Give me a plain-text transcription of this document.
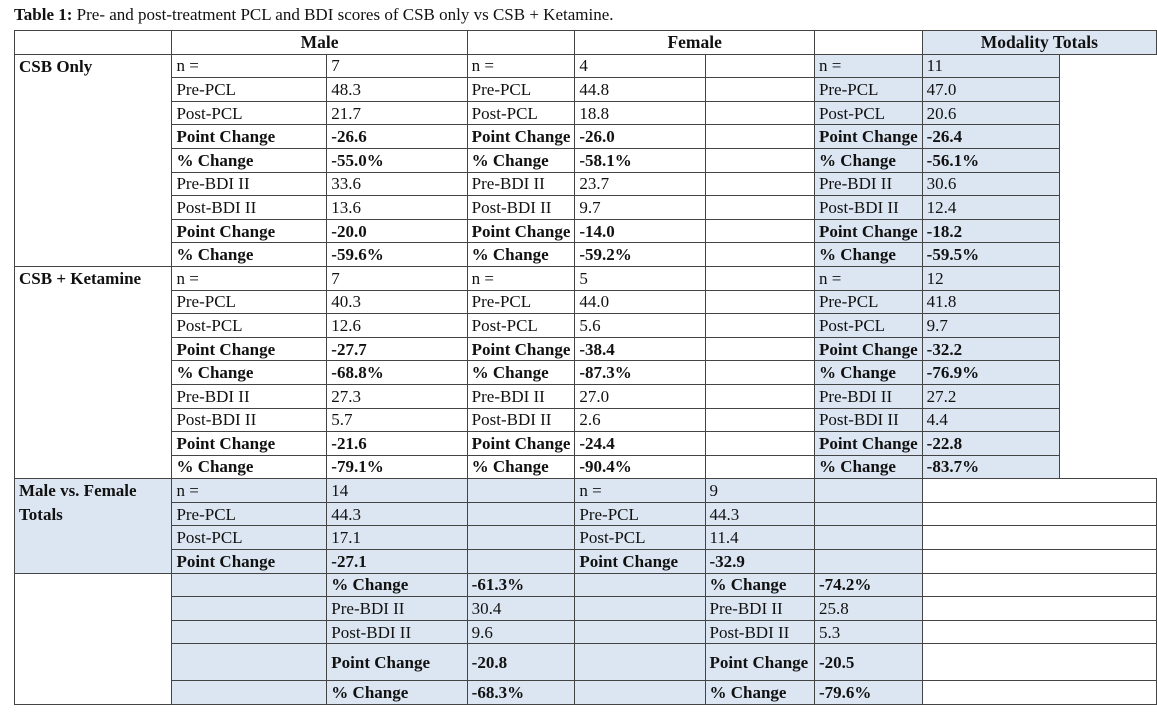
Table 1: Pre- and post-treatment PCL and BDI scores of CSB only vs CSB + Ketamine.
	Male			Female			Modality Totals
CSB Only	n =	7	n =	4		n =	11
	Pre-PCL	48.3	Pre-PCL	44.8		Pre-PCL	47.0
	Post-PCL	21.7	Post-PCL	18.8		Post-PCL	20.6
	Point Change	-26.6	Point Change	-26.0		Point Change	-26.4
	% Change	-55.0%	% Change	-58.1%		% Change	-56.1%
	Pre-BDI II	33.6	Pre-BDI II	23.7		Pre-BDI II	30.6
	Post-BDI II	13.6	Post-BDI II	9.7		Post-BDI II	12.4
	Point Change	-20.0	Point Change	-14.0		Point Change	-18.2
	% Change	-59.6%	% Change	-59.2%		% Change	-59.5%
CSB + Ketamine	n =	7	n =	5		n =	12
	Pre-PCL	40.3	Pre-PCL	44.0		Pre-PCL	41.8
	Post-PCL	12.6	Post-PCL	5.6		Post-PCL	9.7
	Point Change	-27.7	Point Change	-38.4		Point Change	-32.2
	% Change	-68.8%	% Change	-87.3%		% Change	-76.9%
	Pre-BDI II	27.3	Pre-BDI II	27.0		Pre-BDI II	27.2
	Post-BDI II	5.7	Post-BDI II	2.6		Post-BDI II	4.4
	Point Change	-21.6	Point Change	-24.4		Point Change	-22.8
	% Change	-79.1%	% Change	-90.4%		% Change	-83.7%
Male vs. Female	n =	14		n =	9		
Totals	Pre-PCL	44.3		Pre-PCL	44.3		
	Post-PCL	17.1		Post-PCL	11.4		
	Point Change	-27.1		Point Change	-32.9		
		% Change	-61.3%		% Change	-74.2%	
		Pre-BDI II	30.4		Pre-BDI II	25.8	
		Post-BDI II	9.6		Post-BDI II	5.3	
		Point Change	-20.8		Point Change	-20.5	
		% Change	-68.3%		% Change	-79.6%	
